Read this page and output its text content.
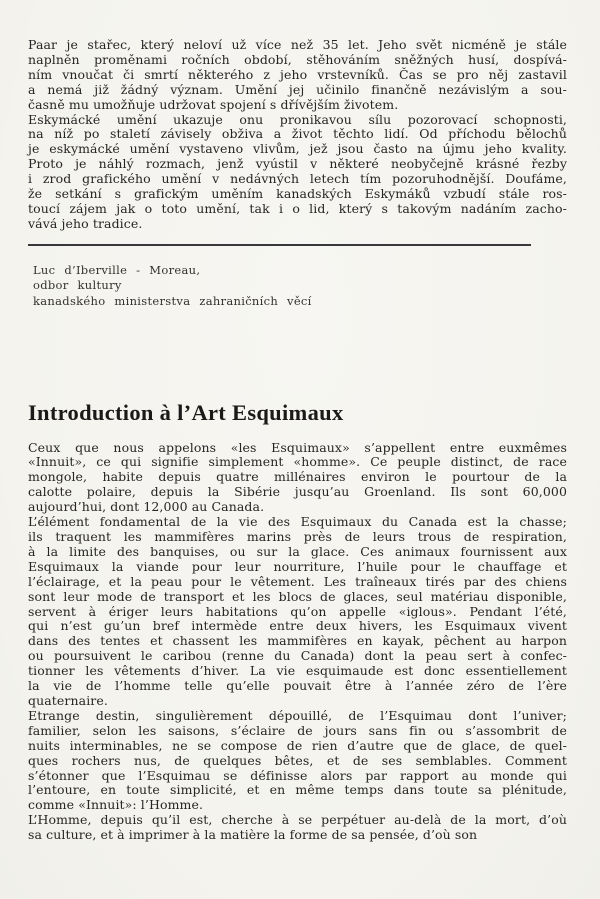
Paar je stařec, který neloví už více než 35 let. Jeho svět nicméně je stále
naplněn proměnami ročních období, stěhováním sněžných husí, dospívá-
ním vnoučat či smrtí některého z jeho vrstevníků. Čas se pro něj zastavil
a nemá již žádný význam. Umění jej učinilo finančně nezávislým a sou-
časně mu umožňuje udržovat spojení s dřívějším životem.
Eskymácké umění ukazuje onu pronikavou sílu pozorovací schopnosti,
na níž po staletí závisely obživa a život těchto lidí. Od příchodu bělochů
je eskymácké umění vystaveno vlivům, jež jsou často na újmu jeho kvality.
Proto je náhlý rozmach, jenž vyústil v některé neobyčejně krásné řezby
i zrod grafického umění v nedávných letech tím pozoruhodnější. Doufáme,
že setkání s grafickým uměním kanadských Eskymáků vzbudí stále ros-
toucí zájem jak o toto umění, tak i o lid, který s takovým nadáním zacho-
vává jeho tradice.
Luc d’Iberville - Moreau,
odbor kultury
kanadského ministerstva zahraničních věcí
Introduction à l’Art Esquimaux
Ceux que nous appelons «les Esquimaux» s’appellent entre euxmêmes
«Innuit», ce qui signifie simplement «homme». Ce peuple distinct, de race
mongole, habite depuis quatre millénaires environ le pourtour de la
calotte polaire, depuis la Sibérie jusqu’au Groenland. Ils sont 60,000
aujourd’hui, dont 12,000 au Canada.
L’élément fondamental de la vie des Esquimaux du Canada est la chasse;
ils traquent les mammifères marins près de leurs trous de respiration,
à la limite des banquises, ou sur la glace. Ces animaux fournissent aux
Esquimaux la viande pour leur nourriture, l’huile pour le chauffage et
l’éclairage, et la peau pour le vêtement. Les traîneaux tirés par des chiens
sont leur mode de transport et les blocs de glaces, seul matériau disponible,
servent à ériger leurs habitations qu’on appelle «iglous». Pendant l’été,
qui n’est gu’un bref intermède entre deux hivers, les Esquimaux vivent
dans des tentes et chassent les mammifères en kayak, pêchent au harpon
ou poursuivent le caribou (renne du Canada) dont la peau sert à confec-
tionner les vêtements d’hiver. La vie esquimaude est donc essentiellement
la vie de l’homme telle qu’elle pouvait être à l’année zéro de l’ère
quaternaire.
Etrange destin, singulièrement dépouillé, de l’Esquimau dont l’univer;
familier, selon les saisons, s’éclaire de jours sans fin ou s’assombrit de
nuits interminables, ne se compose de rien d’autre que de glace, de quel-
ques rochers nus, de quelques bêtes, et de ses semblables. Comment
s’étonner que l’Esquimau se définisse alors par rapport au monde qui
l’entoure, en toute simplicité, et en même temps dans toute sa plénitude,
comme «Innuit»: l’Homme.
L’Homme, depuis qu’il est, cherche à se perpétuer au-delà de la mort, d’où
sa culture, et à imprimer à la matière la forme de sa pensée, d’où son
